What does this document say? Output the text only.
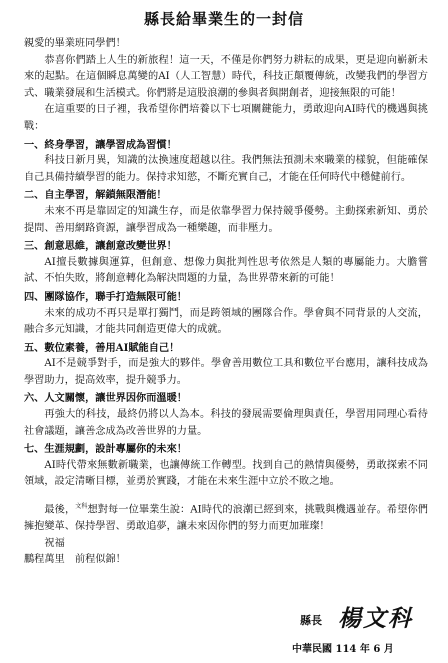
縣長給畢業生的一封信

親愛的畢業班同學們！

恭喜你們踏上人生的新旅程！這一天，不僅是你們努力耕耘的成果，更是迎向嶄新未來的起點。在這個瞬息萬變的AI（人工智慧）時代，科技正顛覆傳統，改變我們的學習方式、職業發展和生活模式。你們將是這股浪潮的參與者與開創者，迎接無限的可能！

在這重要的日子裡，我希望你們培養以下七項關鍵能力，勇敢迎向AI時代的機遇與挑戰：

一、終身學習，讓學習成為習慣！

科技日新月異，知識的汰換速度超越以往。我們無法預測未來職業的樣貌，但能確保自己具備持續學習的能力。保持求知慾，不斷充實自己，才能在任何時代中穩健前行。

二、自主學習，解鎖無限潛能！

未來不再是靠固定的知識生存，而是依靠學習力保持競爭優勢。主動探索新知、勇於提問、善用網路資源，讓學習成為一種樂趣，而非壓力。

三、創意思維，讓創意改變世界！

AI擅長數據與運算，但創意、想像力與批判性思考依然是人類的專屬能力。大膽嘗試、不怕失敗，將創意轉化為解決問題的力量，為世界帶來新的可能！

四、團隊協作，聯手打造無限可能！

未來的成功不再只是單打獨鬥，而是跨領域的團隊合作。學會與不同背景的人交流，融合多元知識，才能共同創造更偉大的成就。

五、數位素養，善用AI賦能自己！

AI不是競爭對手，而是強大的夥伴。學會善用數位工具和數位平台應用，讓科技成為學習助力，提高效率，提升競爭力。

六、人文關懷，讓世界因你而溫暖！

再強大的科技，最終仍將以人為本。科技的發展需要倫理與責任，學習用同理心看待社會議題，讓善念成為改善世界的力量。

七、生涯規劃，設計專屬你的未來！

AI時代帶來無數新職業，也讓傳統工作轉型。找到自己的熱情與優勢，勇敢探索不同領域，設定清晰目標，並勇於實踐，才能在未來生涯中立於不敗之地。

最後，$^{文科}$想對每一位畢業生說：AI時代的浪潮已經到來，挑戰與機遇並存。希望你們擁抱變革、保持學習、勇敢追夢，讓未來因你們的努力而更加璀璨！

祝福

鵬程萬里　前程似錦！

縣長 楊文科
中華民國 114 年 6 月
